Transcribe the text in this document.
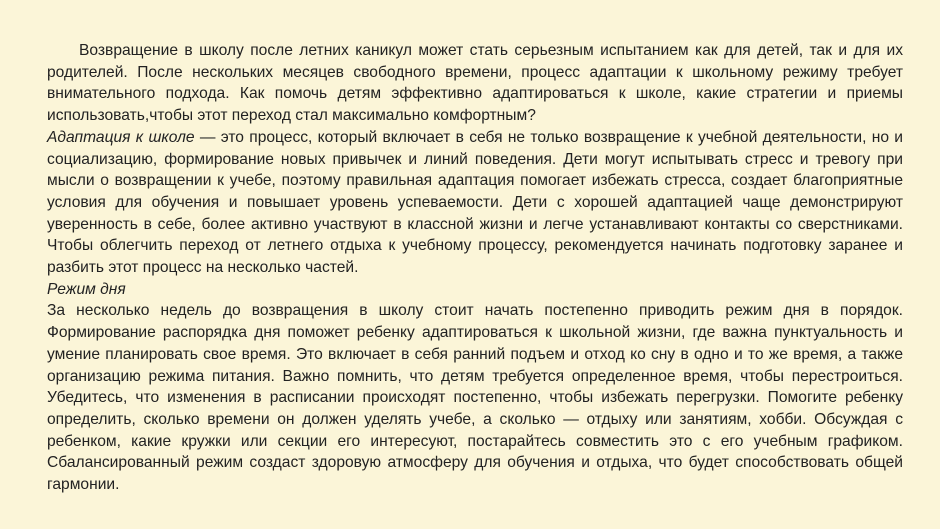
Возвращение в школу после летних каникул может стать серьезным испытанием как для детей, так и для их родителей. После нескольких месяцев свободного времени, процесс адаптации к школьному режиму требует внимательного подхода. Как помочь детям эффективно адаптироваться к школе, какие стратегии и приемы использовать,чтобы этот переход стал максимально комфортным?

Адаптация к школе — это процесс, который включает в себя не только возвращение к учебной деятельности, но и социализацию, формирование новых привычек и линий поведения. Дети могут испытывать стресс и тревогу при мысли о возвращении к учебе, поэтому правильная адаптация помогает избежать стресса, создает благоприятные условия для обучения и повышает уровень успеваемости. Дети с хорошей адаптацией чаще демонстрируют уверенность в себе, более активно участвуют в классной жизни и легче устанавливают контакты со сверстниками. Чтобы облегчить переход от летнего отдыха к учебному процессу, рекомендуется начинать подготовку заранее и разбить этот процесс на несколько частей.

Режим дня

За несколько недель до возвращения в школу стоит начать постепенно приводить режим дня в порядок. Формирование распорядка дня поможет ребенку адаптироваться к школьной жизни, где важна пунктуальность и умение планировать свое время. Это включает в себя ранний подъем и отход ко сну в одно и то же время, а также организацию режима питания. Важно помнить, что детям требуется определенное время, чтобы перестроиться. Убедитесь, что изменения в расписании происходят постепенно, чтобы избежать перегрузки. Помогите ребенку определить, сколько времени он должен уделять учебе, а сколько — отдыху или занятиям, хобби. Обсуждая с ребенком, какие кружки или секции его интересуют, постарайтесь совместить это с его учебным графиком. Сбалансированный режим создаст здоровую атмосферу для обучения и отдыха, что будет способствовать общей гармонии.
